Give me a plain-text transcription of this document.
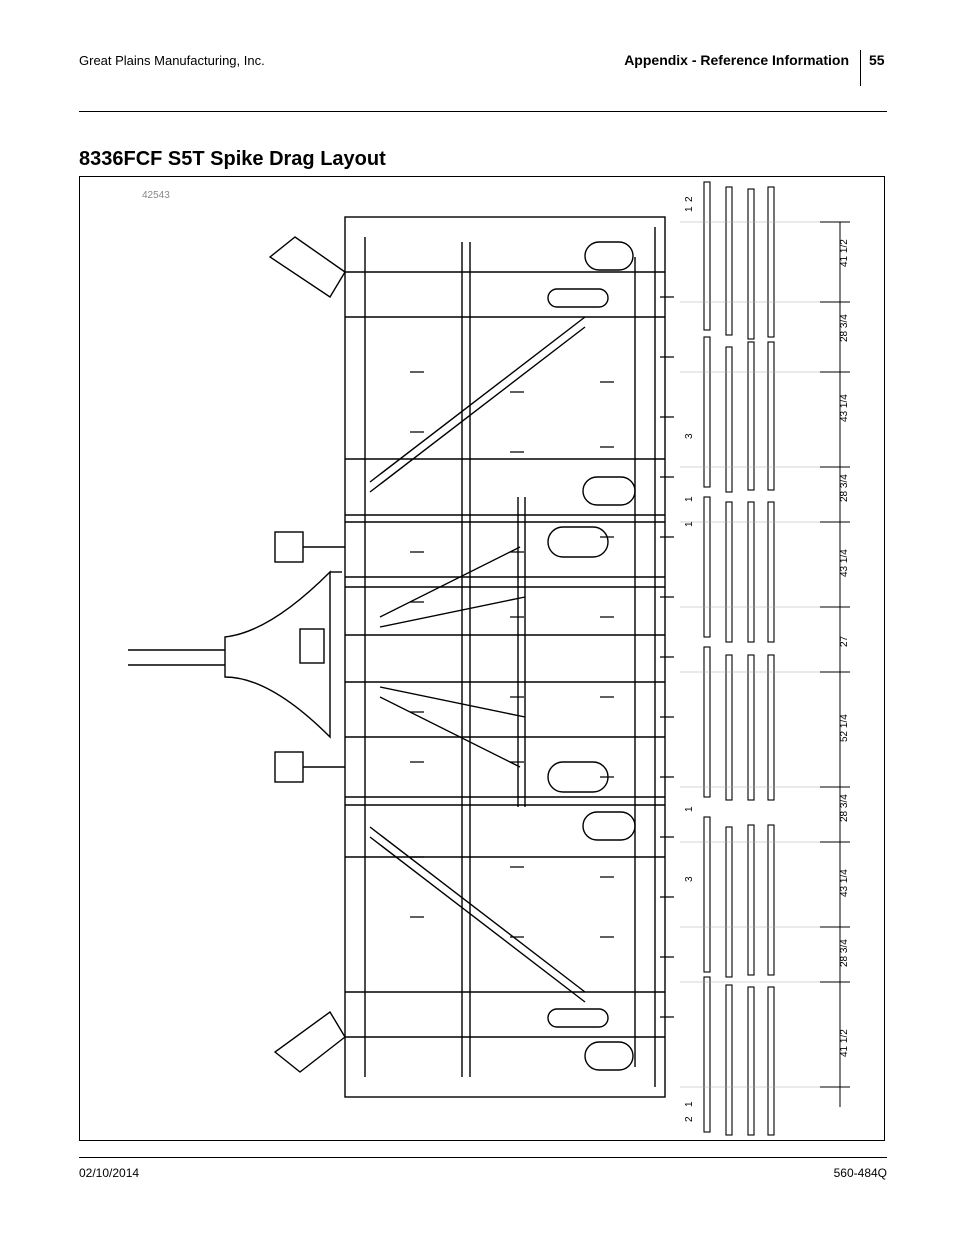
Great Plains Manufacturing, Inc.	Appendix - Reference Information 55
8336FCF S5T Spike Drag Layout
42543
41 1/2
28 3/4
43 1/4
28 3/4
43 1/4
27
52 1/4
28 3/4
43 1/4
28 3/4
41 1/2
2
1
3
1
1
1
3
1
2
02/10/2014	560-484Q
